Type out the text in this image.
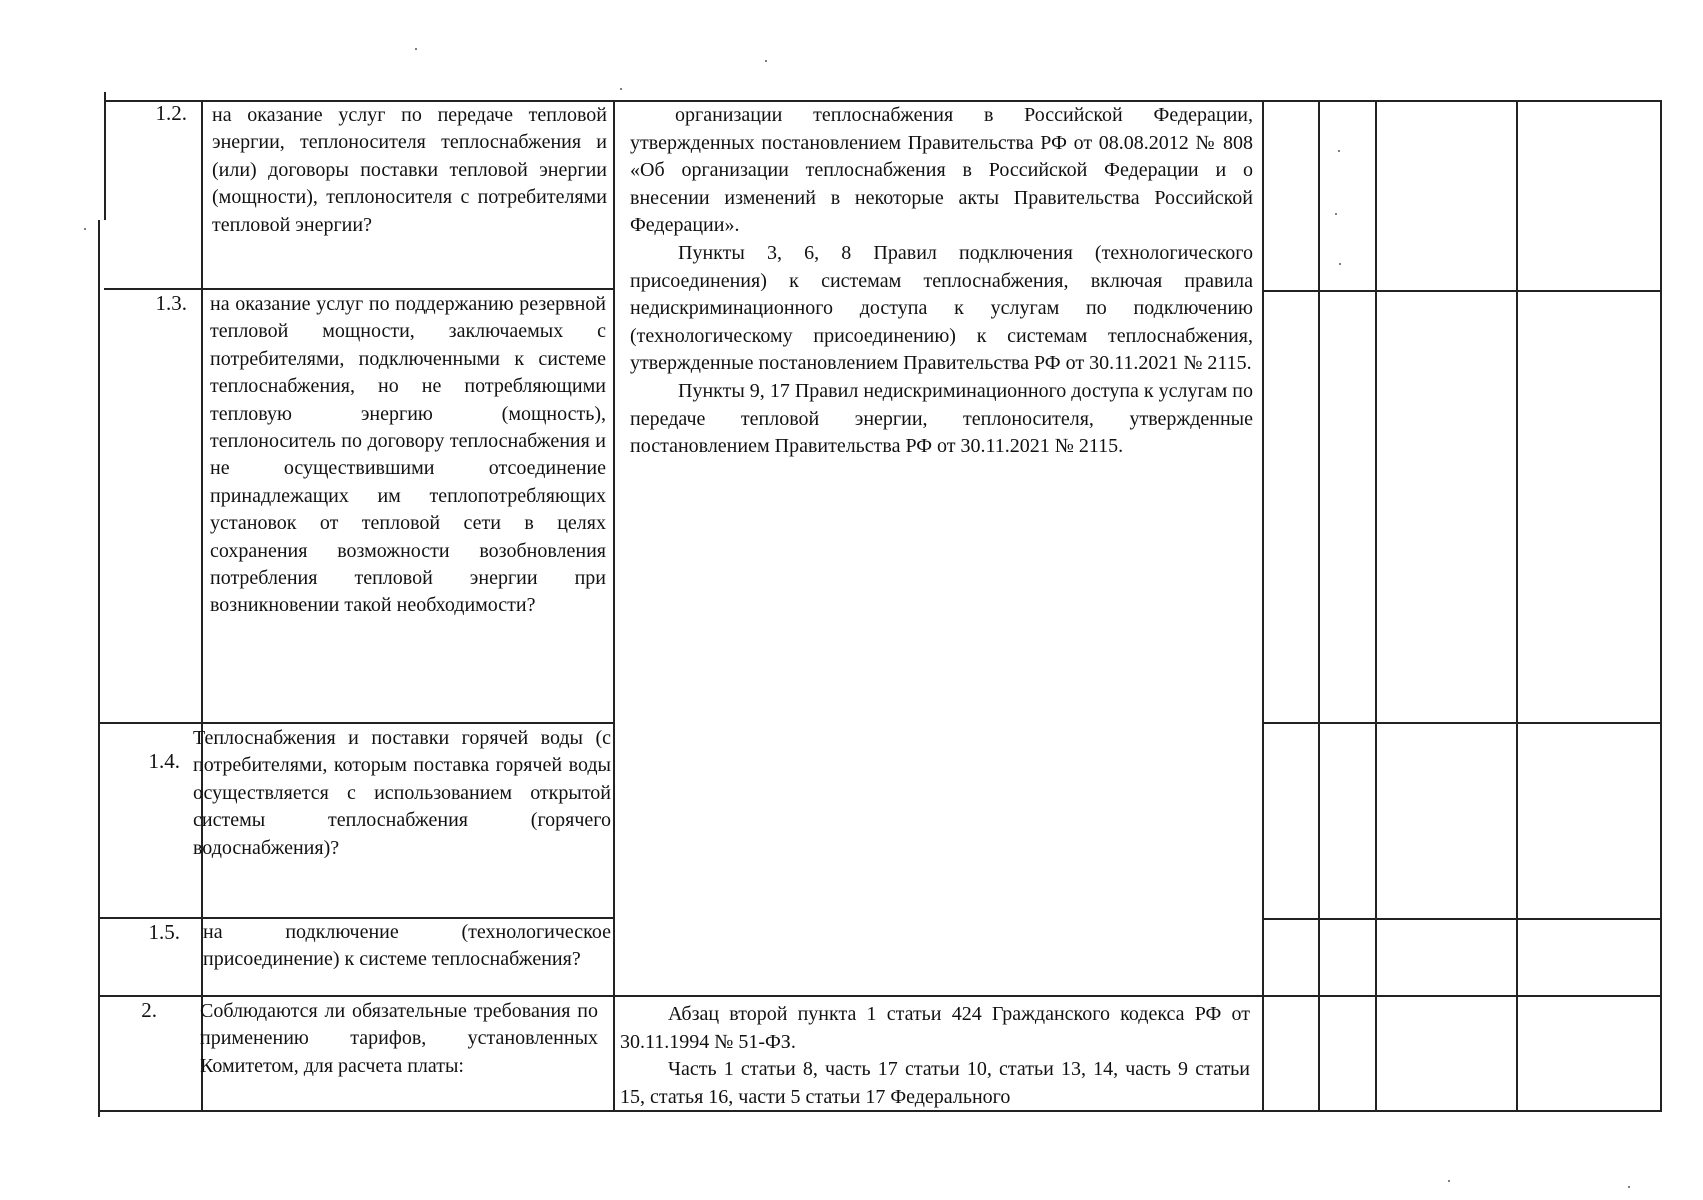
1.2.
1.3.
1.4.
1.5.
2.
на оказание услуг по передаче тепловой энергии, теплоносителя теплоснабжения и (или) договоры поставки тепловой энергии (мощности), теплоносителя с потребителями тепловой энергии?
на оказание услуг по поддержанию резервной тепловой мощности, заключаемых с потребителями, подключенными к системе теплоснабжения, но не потребляющими тепловую энергию (мощность), теплоноситель по договору теплоснабжения и не осуществившими отсоединение принадлежащих им теплопотребляющих установок от тепловой сети в целях сохранения возможности возобновления потребления тепловой энергии при возникновении такой необходимости?
Теплоснабжения и поставки горячей воды (с потребителями, которым поставка горячей воды осуществляется с использованием открытой системы теплоснабжения (горячего водоснабжения)?
на подключение (технологическое присоединение) к системе теплоснабжения?
Соблюдаются ли обязательные требования по применению тарифов, установленных Комитетом, для расчета платы:

организации теплоснабжения в Российской Федерации, утвержденных постановлением Правительства РФ от 08.08.2012 № 808 «Об организации теплоснабжения в Российской Федерации и о внесении изменений в некоторые акты Правительства Российской Федерации».

Пункты 3, 6, 8 Правил подключения (технологического присоединения) к системам теплоснабжения, включая правила недискриминационного доступа к услугам по подключению (технологическому присоединению) к системам теплоснабжения, утвержденные постановлением Правительства РФ от 30.11.2021 № 2115.

Пункты 9, 17 Правил недискриминационного доступа к услугам по передаче тепловой энергии, теплоносителя, утвержденные постановлением Правительства РФ от 30.11.2021 № 2115.

Абзац второй пункта 1 статьи 424 Гражданского кодекса РФ от 30.11.1994 № 51-ФЗ.

Часть 1 статьи 8, часть 17 статьи 10, статьи 13, 14, часть 9 статьи 15, статья 16, части 5 статьи 17 Федерального
